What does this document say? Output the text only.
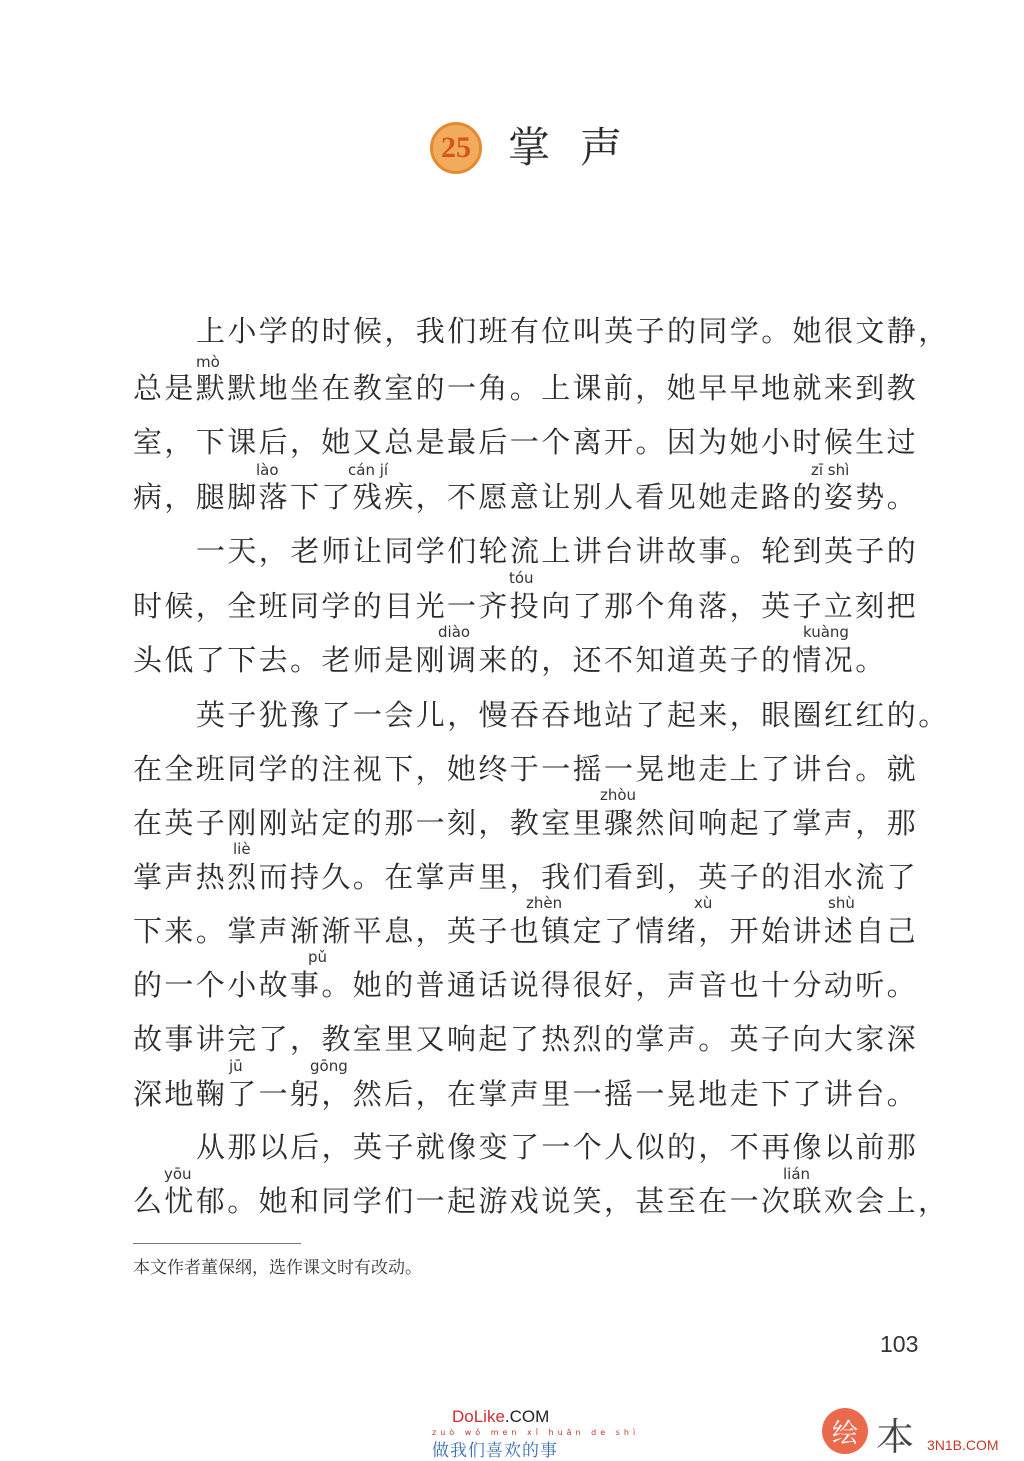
25 掌声
上小学的时候，我们班有位叫英子的同学。她很文静，
总是默默地坐在教室的一角。上课前，她早早地就来到教
室，下课后，她又总是最后一个离开。因为她小时候生过
病，腿脚落下了残疾，不愿意让别人看见她走路的姿势。
一天，老师让同学们轮流上讲台讲故事。轮到英子的
时候，全班同学的目光一齐投向了那个角落，英子立刻把
头低了下去。老师是刚调来的，还不知道英子的情况。
英子犹豫了一会儿，慢吞吞地站了起来，眼圈红红的。
在全班同学的注视下，她终于一摇一晃地走上了讲台。就
在英子刚刚站定的那一刻，教室里骤然间响起了掌声，那
掌声热烈而持久。在掌声里，我们看到，英子的泪水流了
下来。掌声渐渐平息，英子也镇定了情绪，开始讲述自己
的一个小故事。她的普通话说得很好，声音也十分动听。
故事讲完了，教室里又响起了热烈的掌声。英子向大家深
深地鞠了一躬，然后，在掌声里一摇一晃地走下了讲台。
从那以后，英子就像变了一个人似的，不再像以前那
么忧郁。她和同学们一起游戏说笑，甚至在一次联欢会上，
mò
lào	cán jí	zī shì
tóu
diào	kuàng
zhòu
liè
zhèn	xù	shù
pǔ
jū	gōng
yōu	lián
本文作者董保纲，选作课文时有改动。
103
DoLike.COM
zuò wǒ men xǐ huān de shì
做我们喜欢的事
绘 本 3N1B.COM
